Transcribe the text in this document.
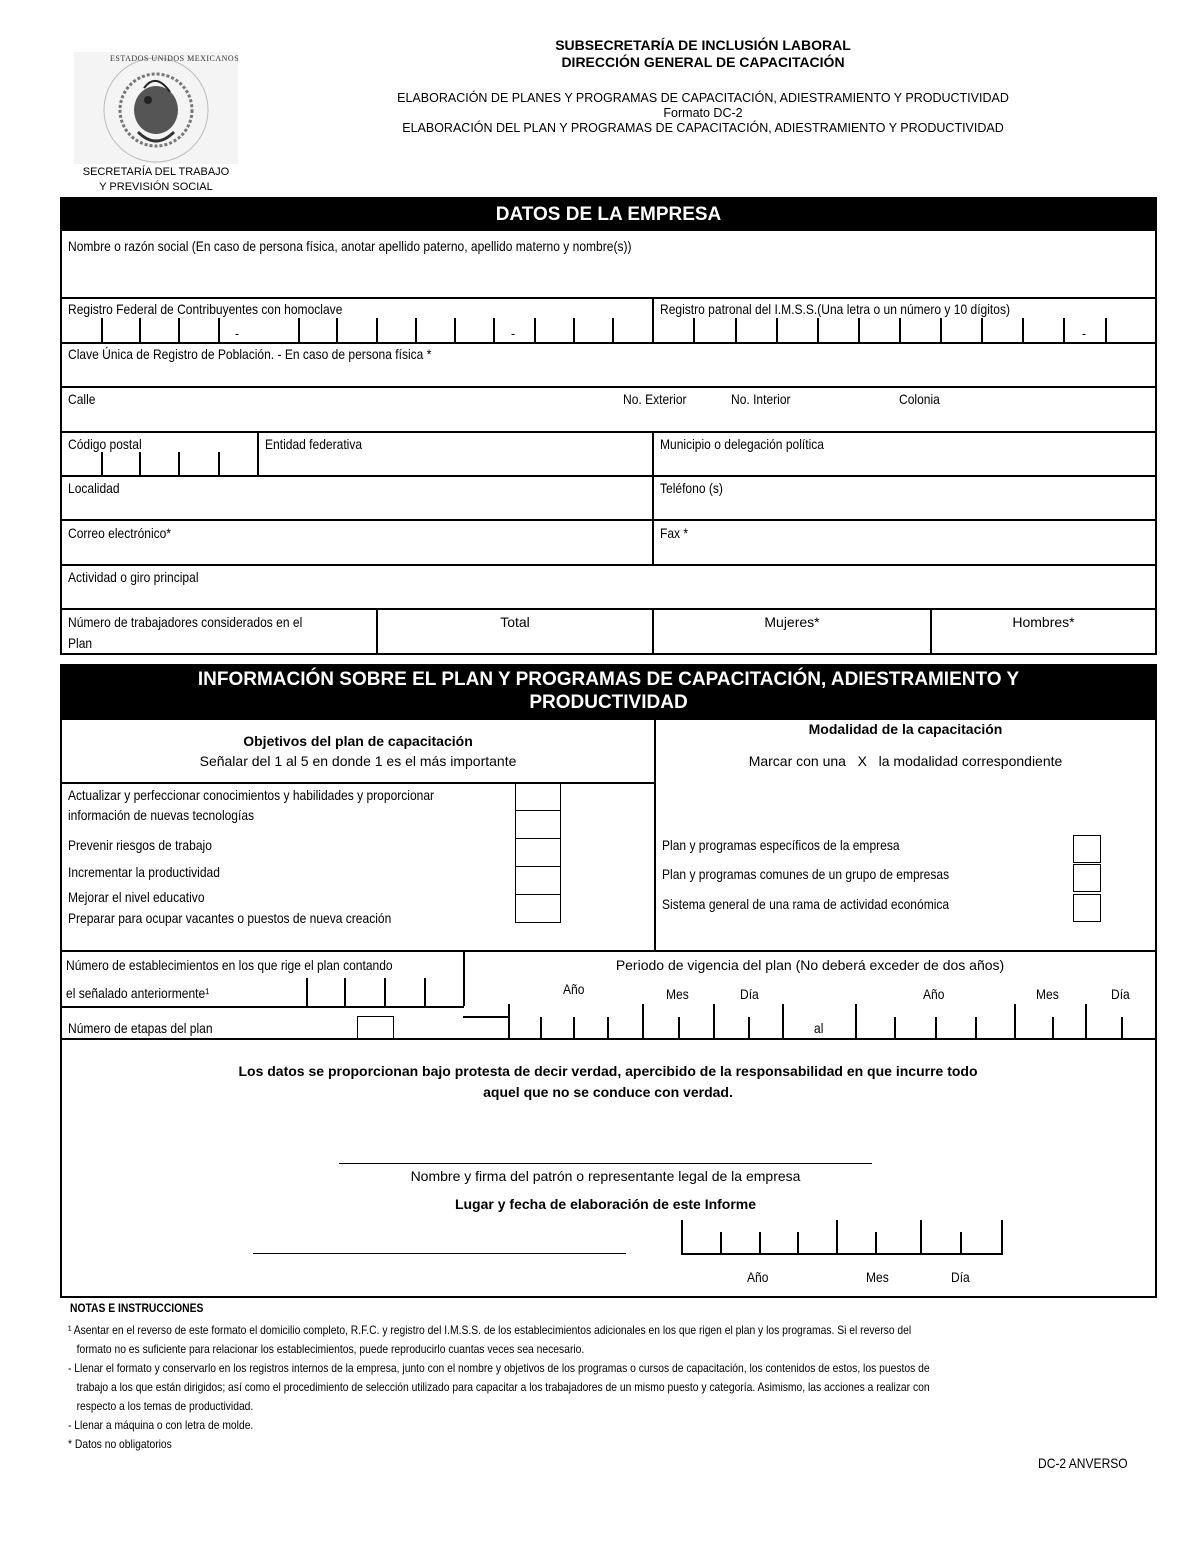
ESTADOS UNIDOS MEXICANOS
SECRETARÍA DEL TRABAJO
Y PREVISIÓN SOCIAL
SUBSECRETARÍA DE INCLUSIÓN LABORAL
DIRECCIÓN GENERAL DE CAPACITACIÓN
ELABORACIÓN DE PLANES Y PROGRAMAS DE CAPACITACIÓN, ADIESTRAMIENTO Y PRODUCTIVIDAD
Formato DC-2
ELABORACIÓN DEL PLAN Y PROGRAMAS DE CAPACITACIÓN, ADIESTRAMIENTO Y PRODUCTIVIDAD
DATOS DE LA EMPRESA
Nombre o razón social (En caso de persona física, anotar apellido paterno, apellido materno y nombre(s))
Registro Federal de Contribuyentes con homoclave	Registro patronal del I.M.S.S.(Una letra o un número y 10 dígitos)
-	-	-
Clave Única de Registro de Población. - En caso de persona física *
Calle	No. Exterior	No. Interior	Colonia
Código postal	Entidad federativa	Municipio o delegación política
Localidad	Teléfono (s)
Correo electrónico*	Fax *
Actividad o giro principal
Número de trabajadores considerados en el
Plan
Total	Mujeres*	Hombres*
INFORMACIÓN SOBRE EL PLAN Y PROGRAMAS DE CAPACITACIÓN, ADIESTRAMIENTO Y
PRODUCTIVIDAD
Objetivos del plan de capacitación
Señalar del 1 al 5 en donde 1 es el más importante
Actualizar y perfeccionar conocimientos y habilidades y proporcionar
información de nuevas tecnologías
Prevenir riesgos de trabajo
Incrementar la productividad
Mejorar el nivel educativo
Preparar para ocupar vacantes o puestos de nueva creación
Modalidad de la capacitación
Marcar con una   X   la modalidad correspondiente
Plan y programas específicos de la empresa
Plan y programas comunes de un grupo de empresas
Sistema general de una rama de actividad económica
Número de establecimientos en los que rige el plan contando
el señalado anteriormente¹
Número de etapas del plan
Periodo de vigencia del plan (No deberá exceder de dos años)
Año	Mes	Día	Año	Mes	Día
al
Los datos se proporcionan bajo protesta de decir verdad, apercibido de la responsabilidad en que incurre todo
aquel que no se conduce con verdad.
Nombre y firma del patrón o representante legal de la empresa
Lugar y fecha de elaboración de este Informe
Año	Mes	Día
NOTAS E INSTRUCCIONES
¹ Asentar en el reverso de este formato el domicilio completo, R.F.C. y registro del I.M.S.S. de los establecimientos adicionales en los que rigen el plan y los programas. Si el reverso del
formato no es suficiente para relacionar los establecimientos, puede reproducirlo cuantas veces sea necesario.
- Llenar el formato y conservarlo en los registros internos de la empresa, junto con el nombre y objetivos de los programas o cursos de capacitación, los contenidos de estos, los puestos de
trabajo a los que están dirigidos; así como el procedimiento de selección utilizado para capacitar a los trabajadores de un mismo puesto y categoría. Asimismo, las acciones a realizar con
respecto a los temas de productividad.
- Llenar a máquina o con letra de molde.
* Datos no obligatorios
DC-2 ANVERSO
